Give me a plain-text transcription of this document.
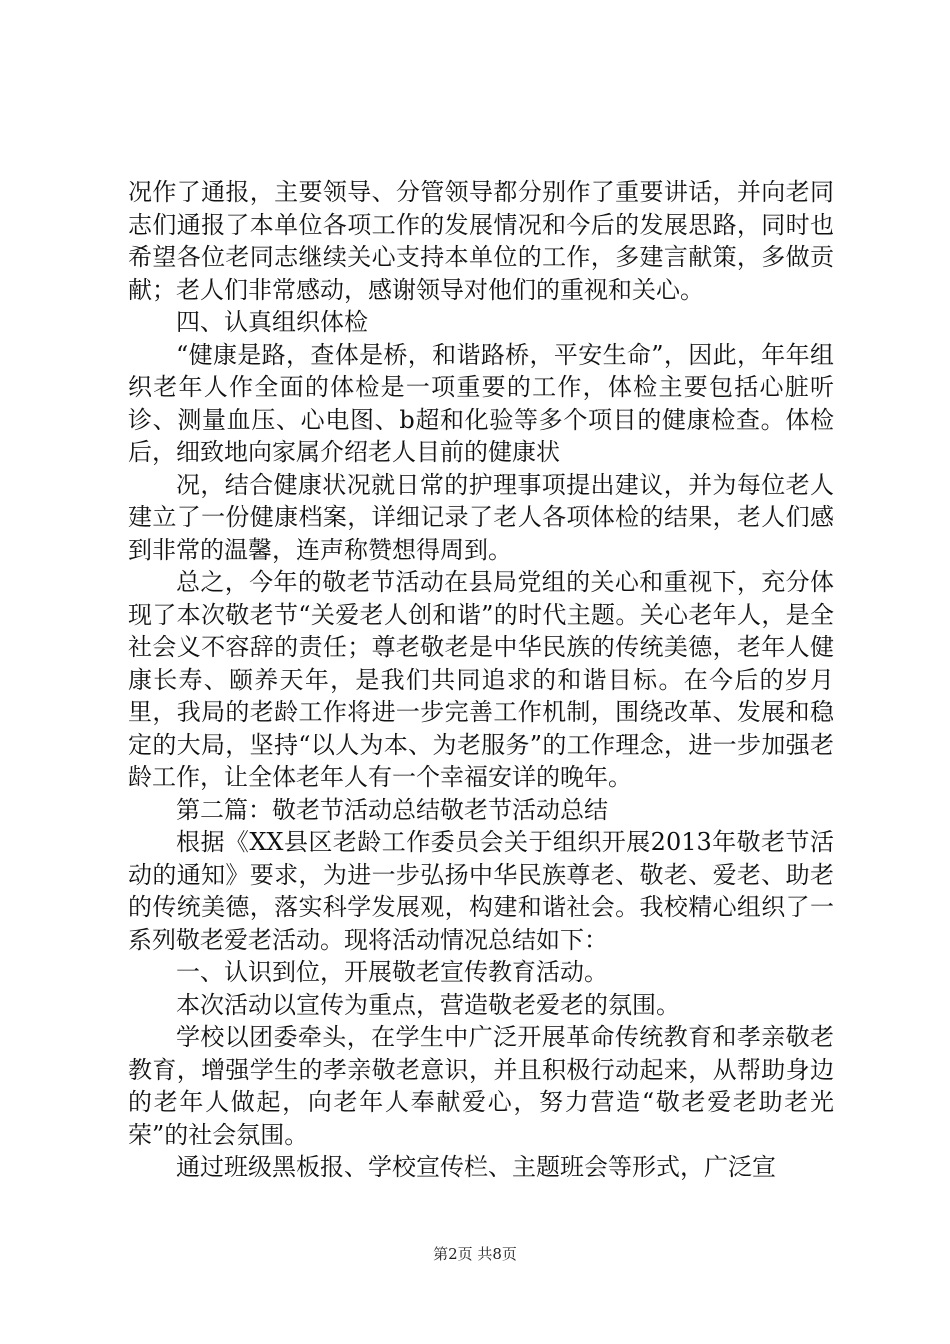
况作了通报，主要领导、分管领导都分别作了重要讲话，并向老同志们通报了本单位各项工作的发展情况和今后的发展思路，同时也希望各位老同志继续关心支持本单位的工作，多建言献策，多做贡献；老人们非常感动，感谢领导对他们的重视和关心。

四、认真组织体检

“健康是路，查体是桥，和谐路桥，平安生命”，因此，年年组织老年人作全面的体检是一项重要的工作，体检主要包括心脏听诊、测量血压、心电图、b超和化验等多个项目的健康检查。体检后，细致地向家属介绍老人目前的健康状

况，结合健康状况就日常的护理事项提出建议，并为每位老人建立了一份健康档案，详细记录了老人各项体检的结果，老人们感到非常的温馨，连声称赞想得周到。

总之，今年的敬老节活动在县局党组的关心和重视下，充分体现了本次敬老节“关爱老人创和谐”的时代主题。关心老年人，是全社会义不容辞的责任；尊老敬老是中华民族的传统美德，老年人健康长寿、颐养天年，是我们共同追求的和谐目标。在今后的岁月里，我局的老龄工作将进一步完善工作机制，围绕改革、发展和稳定的大局，坚持“以人为本、为老服务”的工作理念，进一步加强老龄工作，让全体老年人有一个幸福安详的晚年。

第二篇：敬老节活动总结敬老节活动总结

根据《XX县区老龄工作委员会关于组织开展2013年敬老节活动的通知》要求，为进一步弘扬中华民族尊老、敬老、爱老、助老的传统美德，落实科学发展观，构建和谐社会。我校精心组织了一系列敬老爱老活动。现将活动情况总结如下：

一、认识到位，开展敬老宣传教育活动。

本次活动以宣传为重点，营造敬老爱老的氛围。

学校以团委牵头，在学生中广泛开展革命传统教育和孝亲敬老教育，增强学生的孝亲敬老意识，并且积极行动起来，从帮助身边的老年人做起，向老年人奉献爱心，努力营造“敬老爱老助老光荣”的社会氛围。

通过班级黑板报、学校宣传栏、主题班会等形式，广泛宣

第2页 共8页
